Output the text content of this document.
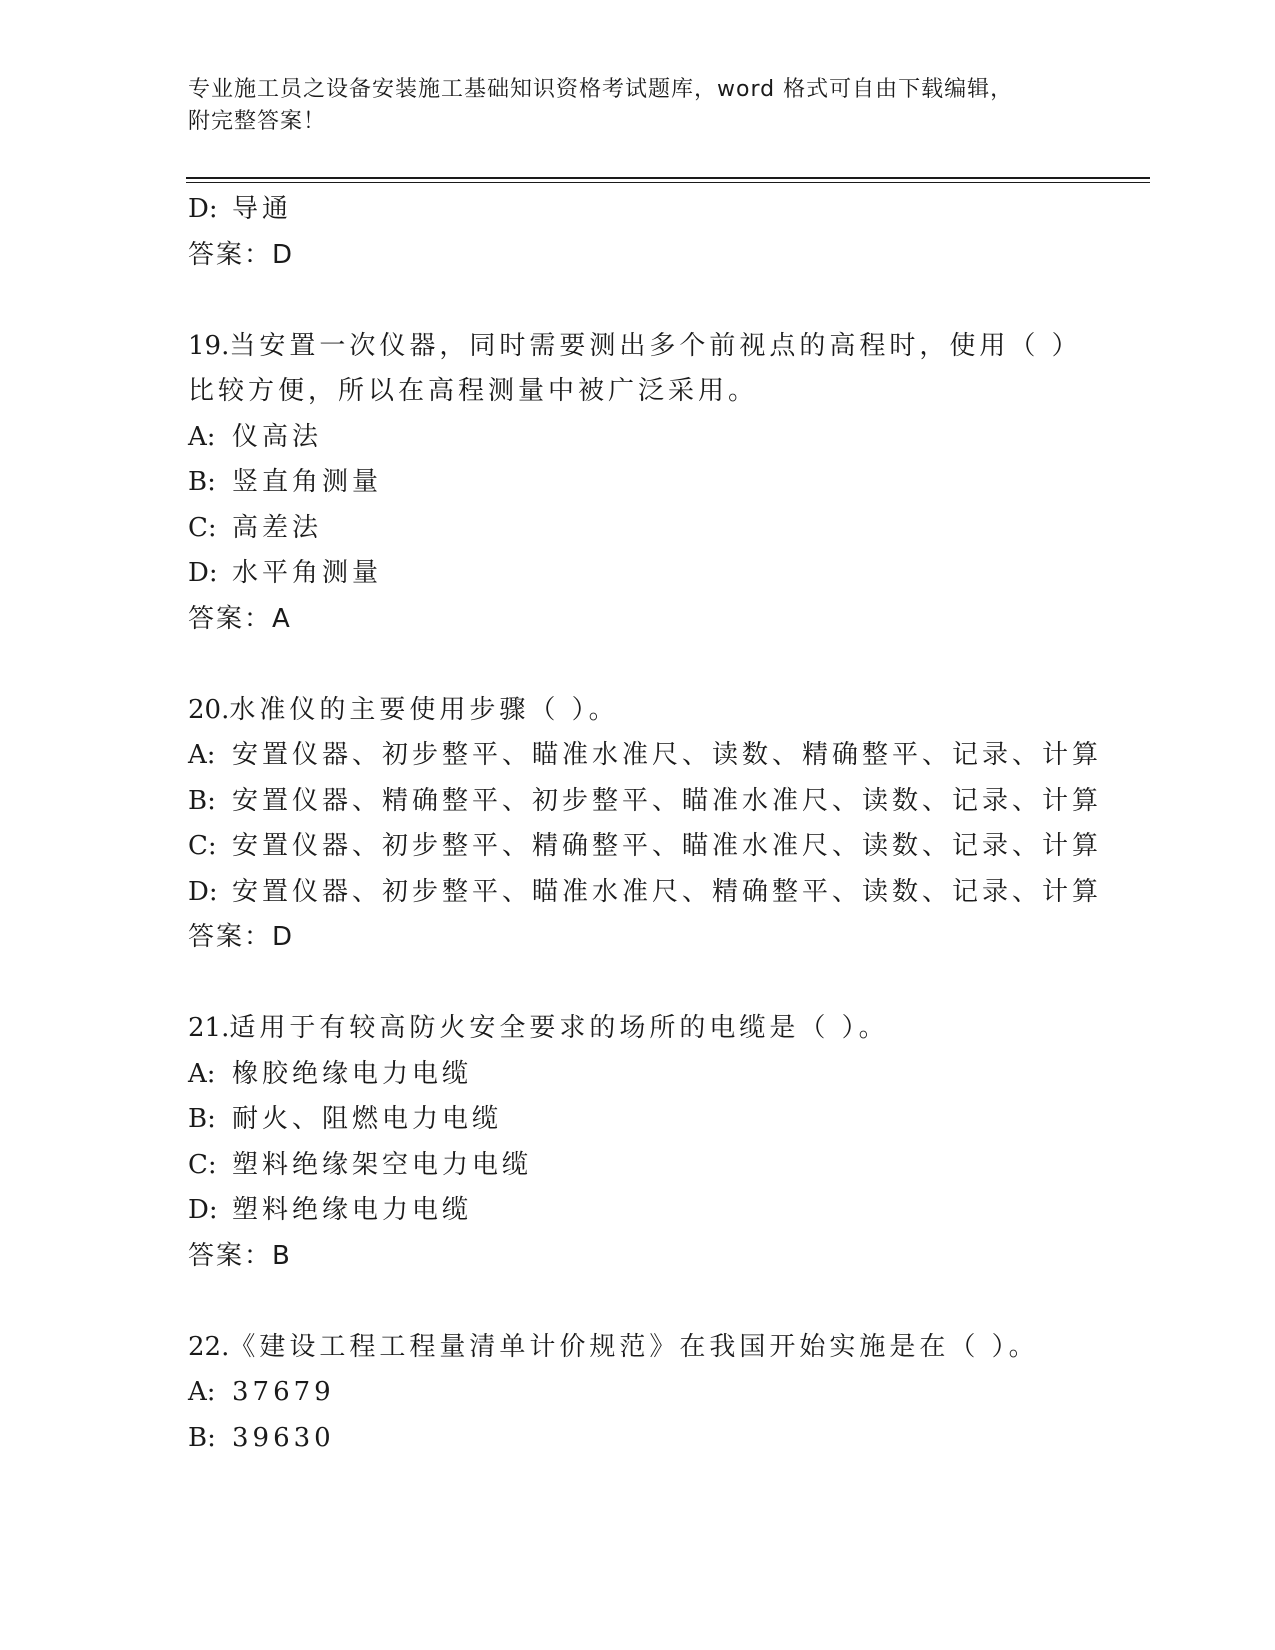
专业施工员之设备安装施工基础知识资格考试题库，word 格式可自由下载编辑，
附完整答案！
D: 导通
答案：D
19.当安置一次仪器，同时需要测出多个前视点的高程时，使用（ ）
比较方便，所以在高程测量中被广泛采用。
A: 仪高法
B: 竖直角测量
C: 高差法
D: 水平角测量
答案：A
20.水准仪的主要使用步骤（ ）。
A: 安置仪器、初步整平、瞄准水准尺、读数、精确整平、记录、计算
B: 安置仪器、精确整平、初步整平、瞄准水准尺、读数、记录、计算
C: 安置仪器、初步整平、精确整平、瞄准水准尺、读数、记录、计算
D: 安置仪器、初步整平、瞄准水准尺、精确整平、读数、记录、计算
答案：D
21.适用于有较高防火安全要求的场所的电缆是（ ）。
A: 橡胶绝缘电力电缆
B: 耐火、阻燃电力电缆
C: 塑料绝缘架空电力电缆
D: 塑料绝缘电力电缆
答案：B
22.《建设工程工程量清单计价规范》在我国开始实施是在（ ）。
A: 37679
B: 39630
